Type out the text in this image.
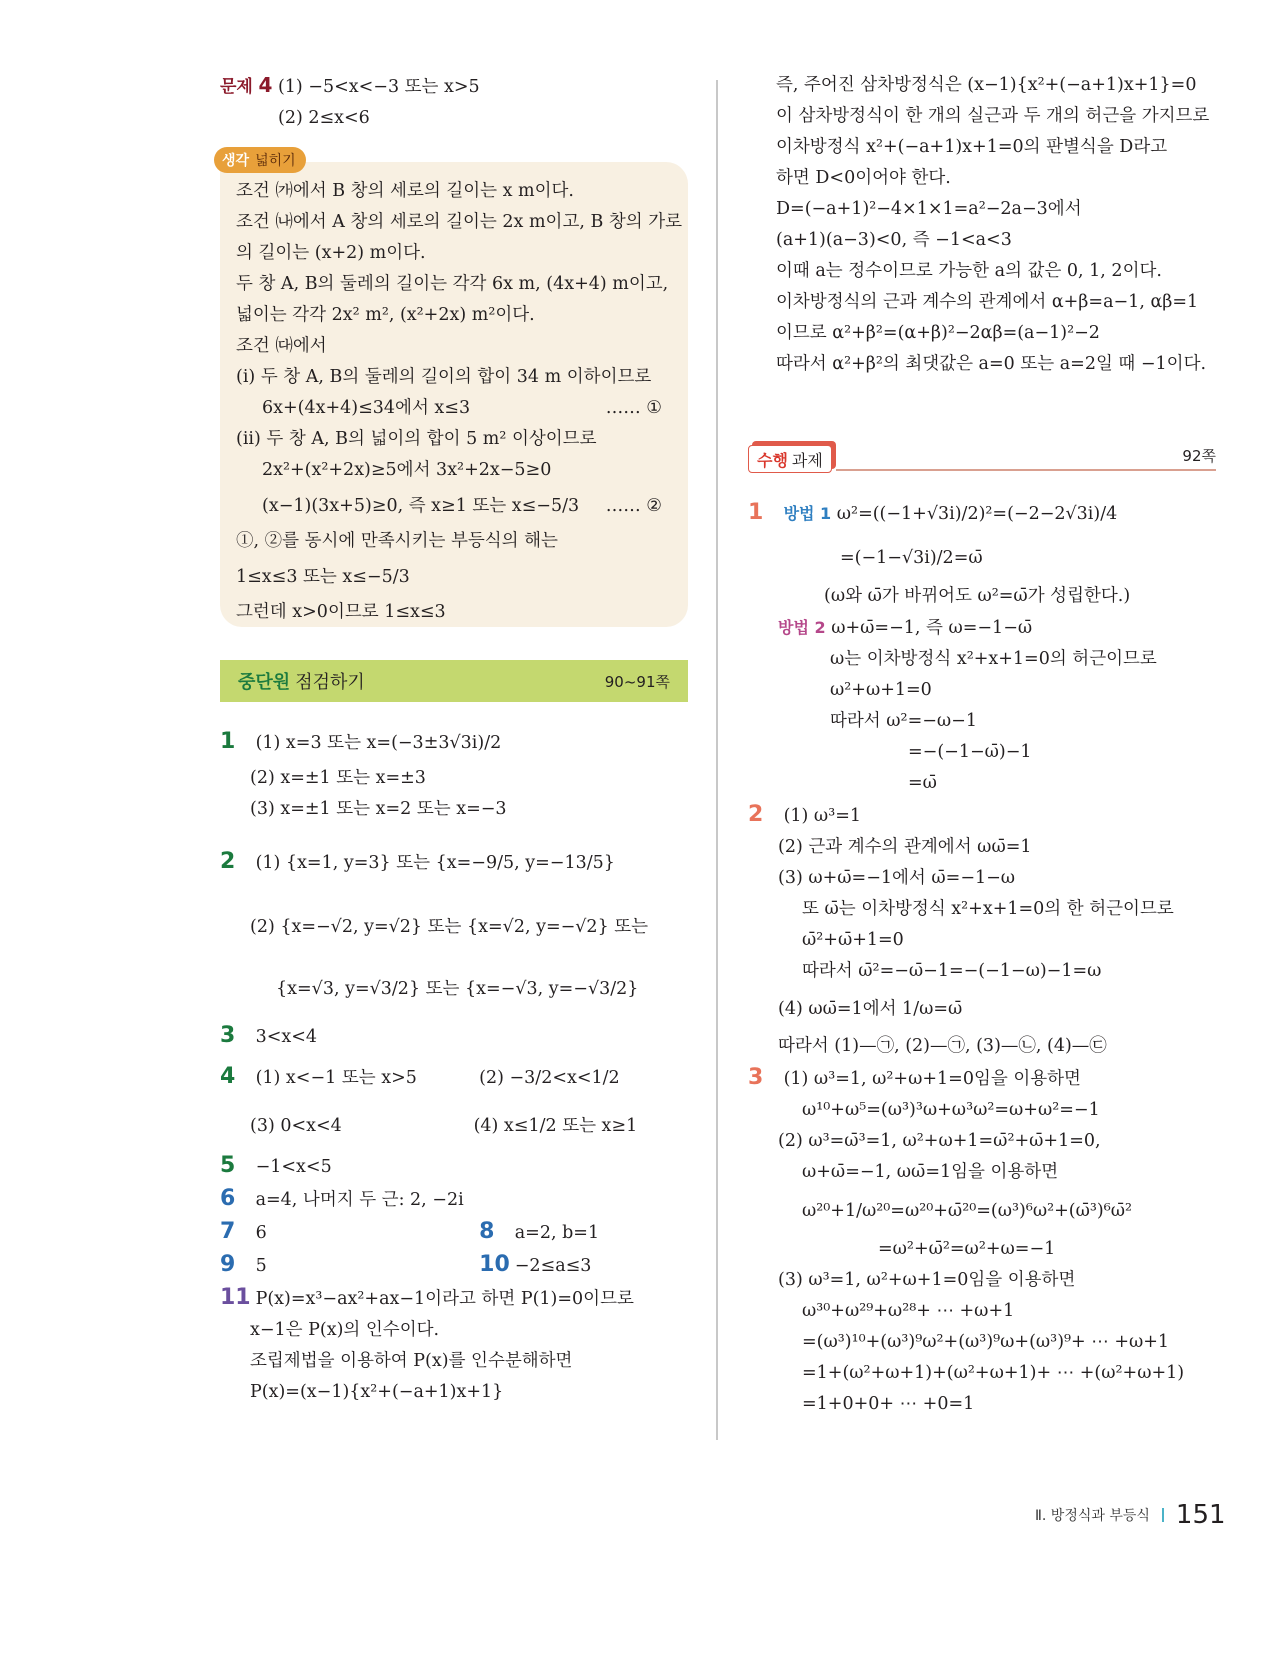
문제 4 (1) −5<x<−3 또는 x>5
(2) 2≤x<6
생각 넓히기
조건 ㈎에서 B 창의 세로의 길이는 x m이다.
조건 ㈏에서 A 창의 세로의 길이는 2x m이고, B 창의 가로
의 길이는 (x+2) m이다.
두 창 A, B의 둘레의 길이는 각각 6x m, (4x+4) m이고,
넓이는 각각 2x² m², (x²+2x) m²이다.
조건 ㈐에서
(i) 두 창 A, B의 둘레의 길이의 합이 34 m 이하이므로
6x+(4x+4)≤34에서 x≤3	…… ①
(ii) 두 창 A, B의 넓이의 합이 5 m² 이상이므로
2x²+(x²+2x)≥5에서 3x²+2x−5≥0
(x−1)(3x+5)≥0, 즉 x≥1 또는 x≤−5/3 …… ②
①, ②를 동시에 만족시키는 부등식의 해는
1≤x≤3 또는 x≤−5/3
그런데 x>0이므로 1≤x≤3
중단원 점검하기	90~91쪽
1 (1) x=3 또는 x=(−3±3√3i)/2
(2) x=±1 또는 x=±3
(3) x=±1 또는 x=2 또는 x=−3
2 (1) {x=1, y=3} 또는 {x=−9/5, y=−13/5}
(2) {x=−√2, y=√2} 또는 {x=√2, y=−√2} 또는
{x=√3, y=√3/2} 또는 {x=−√3, y=−√3/2}
3 3<x<4
4 (1) x<−1 또는 x>5	(2) −3/2<x<1/2
(3) 0<x<4	(4) x≤1/2 또는 x≥1
5 −1<x<5
6 a=4, 나머지 두 근: 2, −2i
7 6	8 a=2, b=1
9 5	10 −2≤a≤3
11 P(x)=x³−ax²+ax−1이라고 하면 P(1)=0이므로
x−1은 P(x)의 인수이다.
조립제법을 이용하여 P(x)를 인수분해하면
P(x)=(x−1){x²+(−a+1)x+1}
즉, 주어진 삼차방정식은 (x−1){x²+(−a+1)x+1}=0
이 삼차방정식이 한 개의 실근과 두 개의 허근을 가지므로
이차방정식 x²+(−a+1)x+1=0의 판별식을 D라고
하면 D<0이어야 한다.
D=(−a+1)²−4×1×1=a²−2a−3에서
(a+1)(a−3)<0, 즉 −1<a<3
이때 a는 정수이므로 가능한 a의 값은 0, 1, 2이다.
이차방정식의 근과 계수의 관계에서 α+β=a−1, αβ=1
이므로 α²+β²=(α+β)²−2αβ=(a−1)²−2
따라서 α²+β²의 최댓값은 a=0 또는 a=2일 때 −1이다.
수행 과제	92쪽
1 방법 1 ω²=((−1+√3i)/2)²=(−2−2√3i)/4
=(−1−√3i)/2=ω̄
(ω와 ω̄가 바뀌어도 ω²=ω̄가 성립한다.)
방법 2 ω+ω̄=−1, 즉 ω=−1−ω̄
ω는 이차방정식 x²+x+1=0의 허근이므로
ω²+ω+1=0
따라서 ω²=−ω−1
=−(−1−ω̄)−1
=ω̄
2 (1) ω³=1
(2) 근과 계수의 관계에서 ωω̄=1
(3) ω+ω̄=−1에서 ω̄=−1−ω
또 ω̄는 이차방정식 x²+x+1=0의 한 허근이므로
ω̄²+ω̄+1=0
따라서 ω̄²=−ω̄−1=−(−1−ω)−1=ω
(4) ωω̄=1에서 1/ω=ω̄
따라서 (1)—㉠, (2)—㉠, (3)—㉡, (4)—㉢
3 (1) ω³=1, ω²+ω+1=0임을 이용하면
ω¹⁰+ω⁵=(ω³)³ω+ω³ω²=ω+ω²=−1
(2) ω³=ω̄³=1, ω²+ω+1=ω̄²+ω̄+1=0,
ω+ω̄=−1, ωω̄=1임을 이용하면
ω²⁰+1/ω²⁰=ω²⁰+ω̄²⁰=(ω³)⁶ω²+(ω̄³)⁶ω̄²
=ω²+ω̄²=ω²+ω=−1
(3) ω³=1, ω²+ω+1=0임을 이용하면
ω³⁰+ω²⁹+ω²⁸+ ⋯ +ω+1
=(ω³)¹⁰+(ω³)⁹ω²+(ω³)⁹ω+(ω³)⁹+ ⋯ +ω+1
=1+(ω²+ω+1)+(ω²+ω+1)+ ⋯ +(ω²+ω+1)
=1+0+0+ ⋯ +0=1
Ⅱ. 방정식과 부등식 151
